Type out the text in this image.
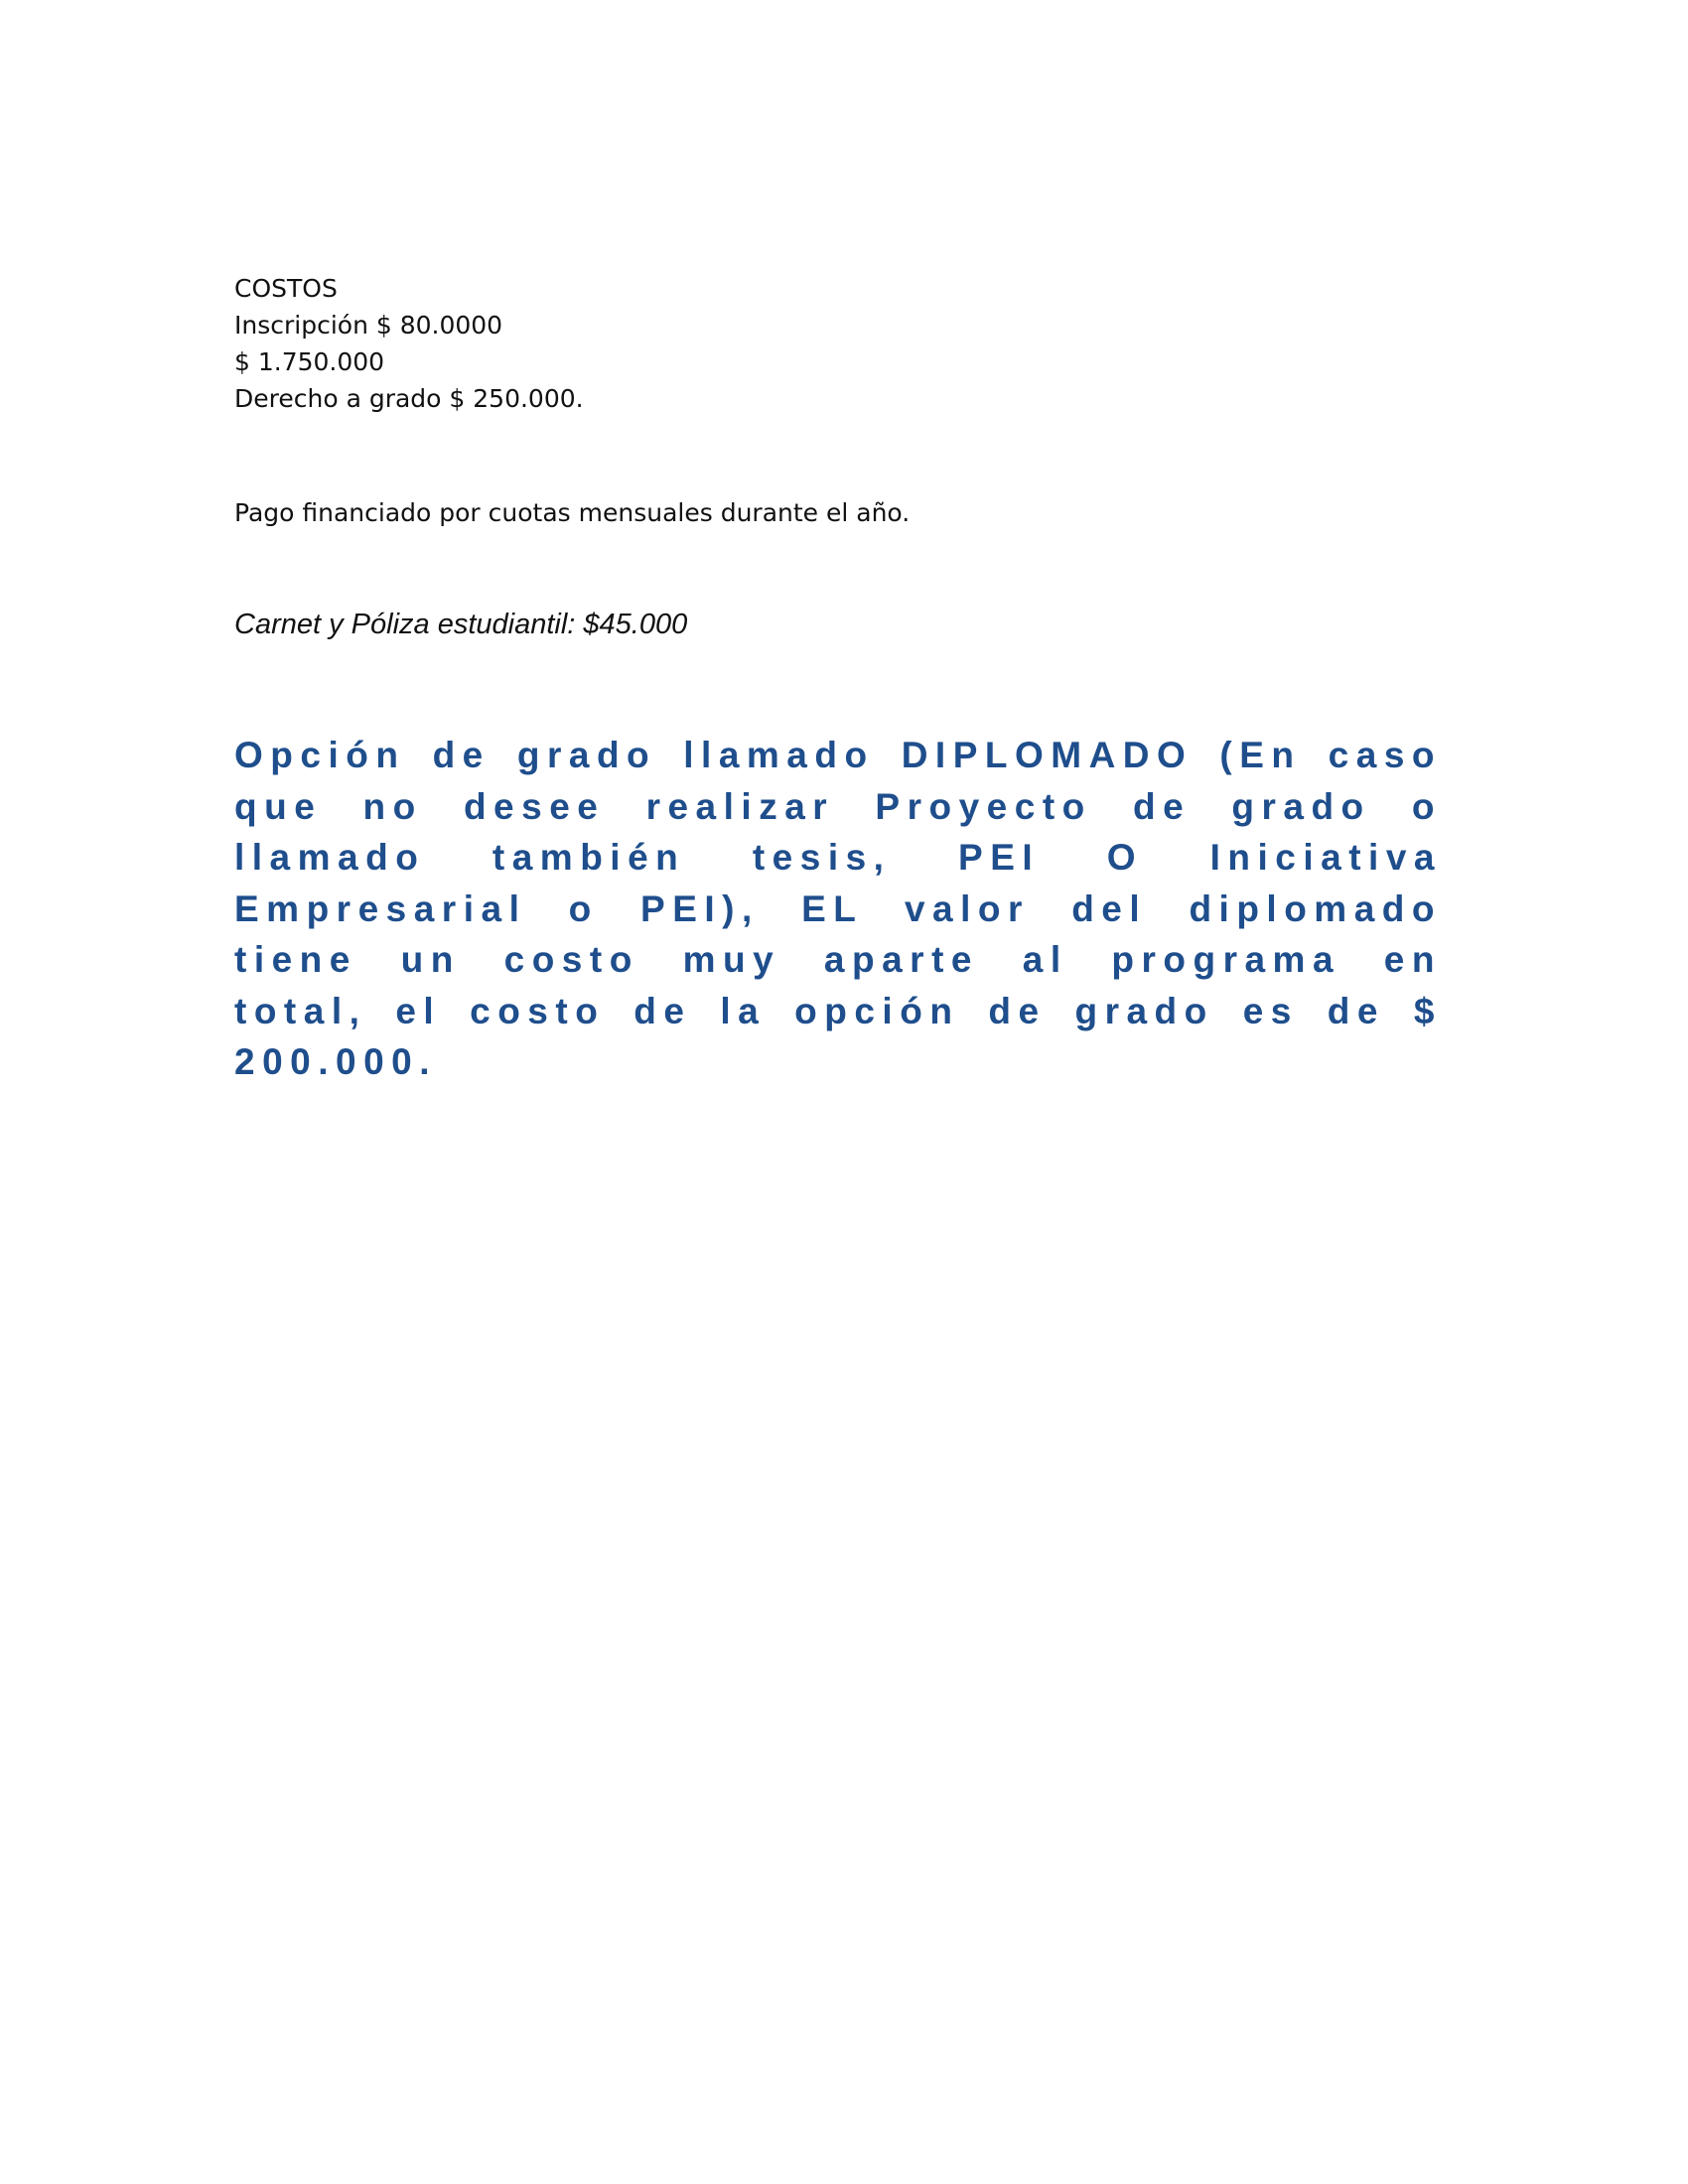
COSTOS
Inscripción $ 80.0000
$ 1.750.000
Derecho a grado $ 250.000.
Pago financiado por cuotas mensuales durante el año.
Carnet y Póliza estudiantil: $45.000
Opción de grado llamado DIPLOMADO (En caso que no desee realizar Proyecto de grado o llamado también tesis, PEI O Iniciativa Empresarial o PEI), EL valor del diplomado tiene un costo muy aparte al programa en total, el costo de la opción de grado es de $ 200.000.
